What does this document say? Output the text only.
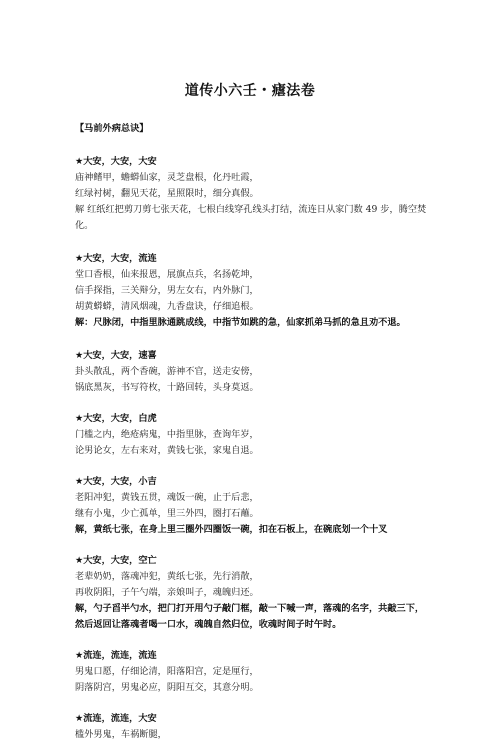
道传小六壬・瘧法卷
【马前外病总诀】
★大安，大安，大安
庙神鳍甲，蟾蟒仙家，灵芝盘根，化丹吐霞，
红绿衬树，翻见天花，星照限时，细分真假。
解 红纸红把剪刀剪七张天花，七根白线穿孔线头打结，流连日从家门数 49 步，腾空焚化。
★大安，大安，流连
堂口香根，仙来报恩，展旗点兵，名扬乾坤，
信手探指，三关辩分，男左女右，内外脉门，
胡黄蟒蟒，清风烟魂，九香盘诀，仔细追根。
解：尺脉闭，中指里脉通跳成线，中指节如跳的急，仙家抓弟马抓的急且劝不退。
★大安，大安，速喜
卦头散乱，两个香碗，游神不官，送走安傍，
锅底黑灰，书写符枚，十路回转，头身莫返。
★大安，大安，白虎
门槛之内，绝疮病鬼，中指里脉，查询年岁，
论男论女，左右来对，黄钱七张，家鬼自退。
★大安，大安，小吉
老阳冲犯，黄钱五贯，魂饭一碗，止于后悲，
继有小鬼，少亡孤单，里三外四，圈打石蘸。
解，黄纸七张，在身上里三圈外四圈饭一碗，扣在石板上，在碗底划一个十叉
★大安，大安，空亡
老辈奶奶，落魂冲犯，黄纸七张，先行消散，
再收阴阳，子午勺端，亲娘叫子，魂魄归还。
解，勺子舀半勺水，把门打开用勺子敲门框，敲一下喊一声，落魂的名字，共敲三下，然后返回让落魂者喝一口水，魂魄自然归位，收魂时间子时午时。
★流连，流连，流连
男鬼口愿，仔细论清，阳落阳宫，定是厘行，
阴落阴宫，男鬼必应，阴阳互交，其意分明。
★流连，流连，大安
槛外男鬼，车祸断腿，
